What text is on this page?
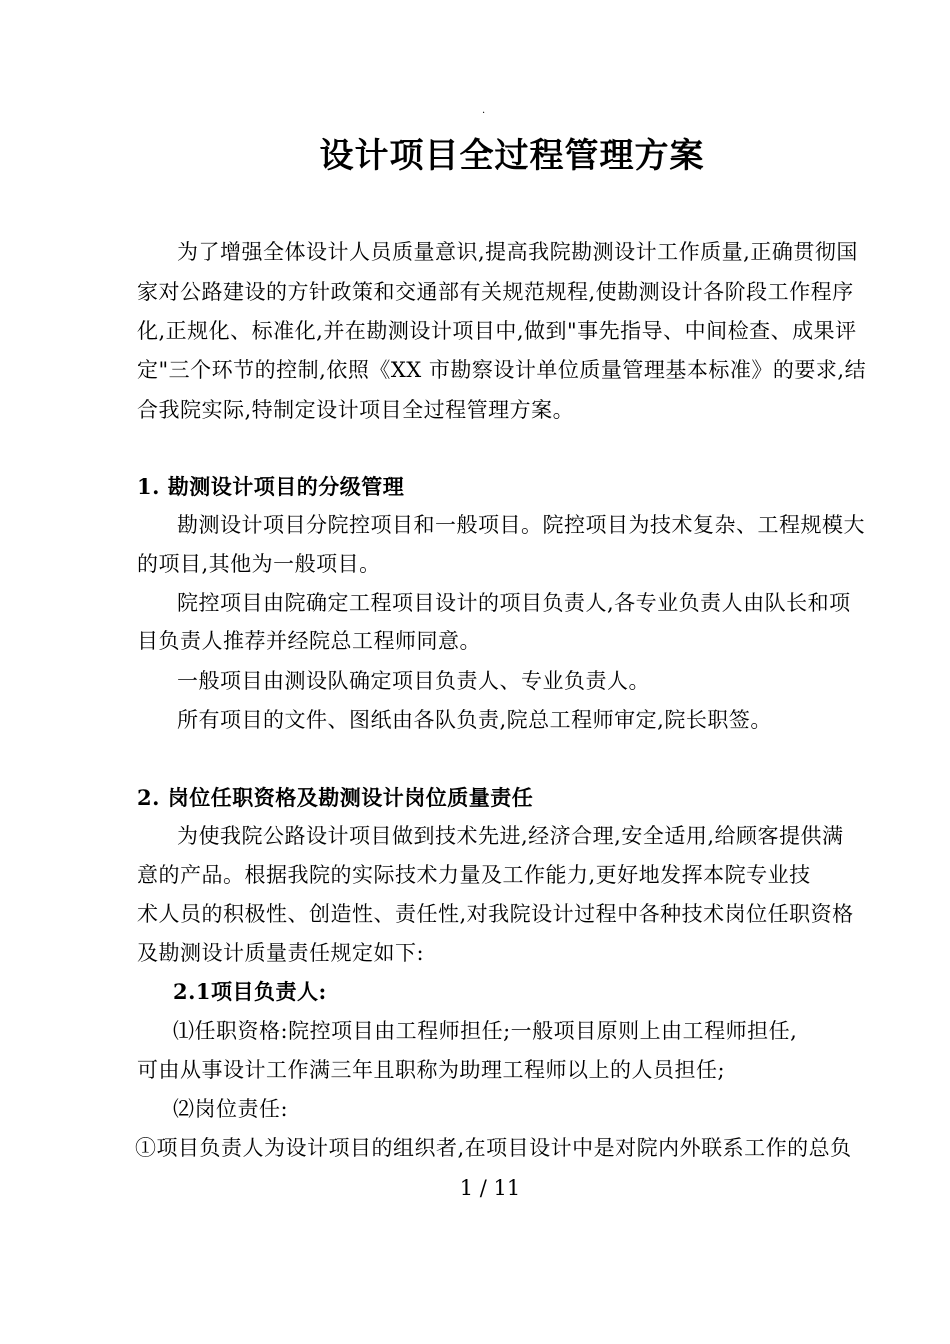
.
设计项目全过程管理方案
为了增强全体设计人员质量意识,提高我院勘测设计工作质量,正确贯彻国
家对公路建设的方针政策和交通部有关规范规程,使勘测设计各阶段工作程序
化,正规化、标准化,并在勘测设计项目中,做到"事先指导、中间检查、成果评
定"三个环节的控制,依照《XX 市勘察设计单位质量管理基本标准》的要求,结
合我院实际,特制定设计项目全过程管理方案。
1. 勘测设计项目的分级管理
勘测设计项目分院控项目和一般项目。院控项目为技术复杂、工程规模大
的项目,其他为一般项目。
院控项目由院确定工程项目设计的项目负责人,各专业负责人由队长和项
目负责人推荐并经院总工程师同意。
一般项目由测设队确定项目负责人、专业负责人。
所有项目的文件、图纸由各队负责,院总工程师审定,院长职签。
2. 岗位任职资格及勘测设计岗位质量责任
为使我院公路设计项目做到技术先进,经济合理,安全适用,给顾客提供满
意的产品。根据我院的实际技术力量及工作能力,更好地发挥本院专业技
术人员的积极性、创造性、责任性,对我院设计过程中各种技术岗位任职资格
及勘测设计质量责任规定如下:
2.1项目负责人:
⑴任职资格:院控项目由工程师担任;一般项目原则上由工程师担任,
可由从事设计工作满三年且职称为助理工程师以上的人员担任;
⑵岗位责任:
①项目负责人为设计项目的组织者,在项目设计中是对院内外联系工作的总负
1 / 11
